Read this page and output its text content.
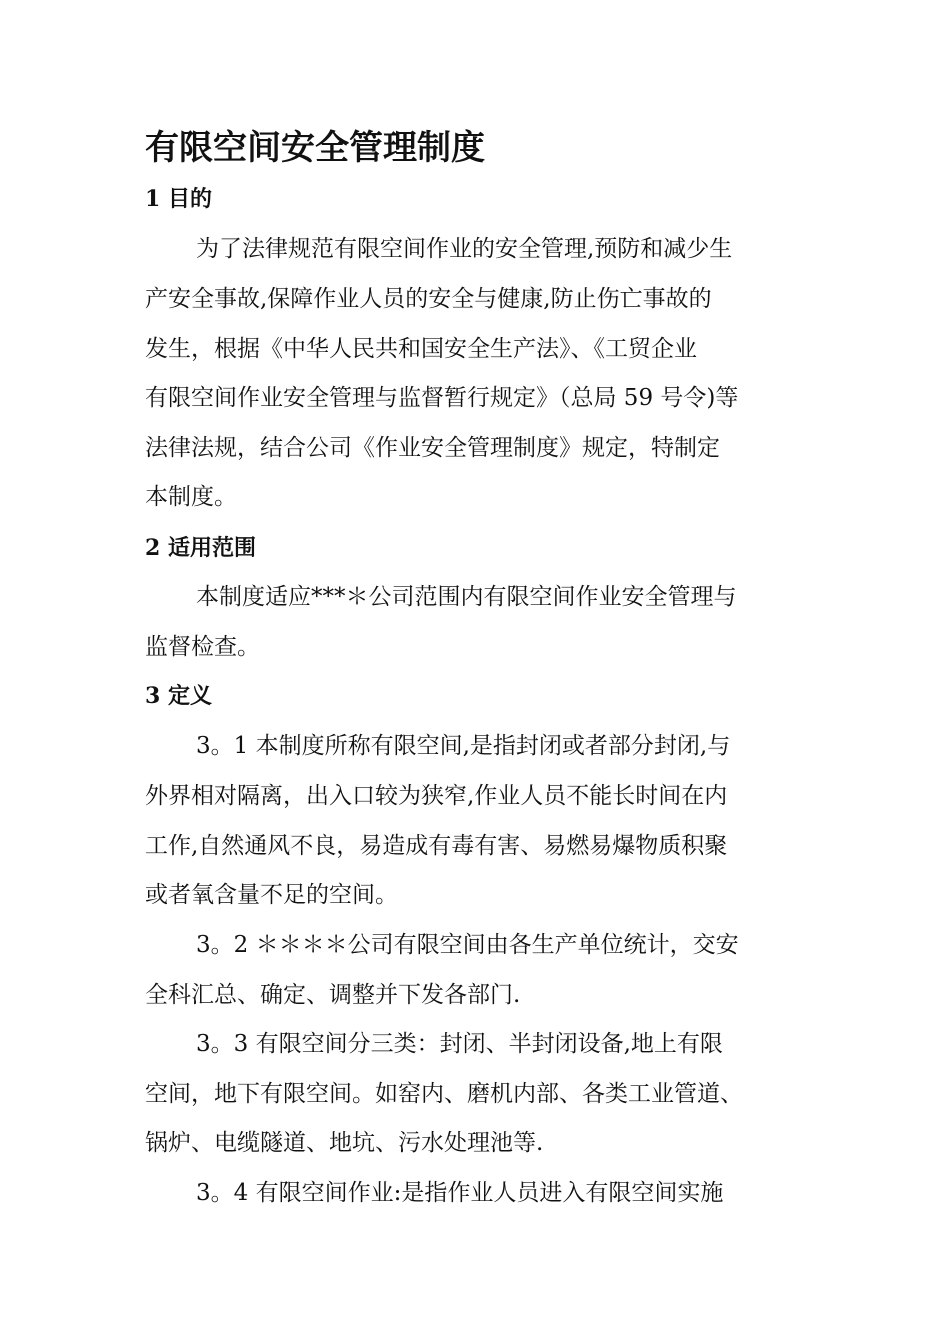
有限空间安全管理制度
1 目的
为了法律规范有限空间作业的安全管理,预防和减少生
产安全事故,保障作业人员的安全与健康,防止伤亡事故的
发生，根据《中华人民共和国安全生产法》、《工贸企业
有限空间作业安全管理与监督暂行规定》（总局 59 号令)等
法律法规，结合公司《作业安全管理制度》规定，特制定
本制度。
2 适用范围
本制度适应***＊公司范围内有限空间作业安全管理与
监督检查。
3 定义
3。1 本制度所称有限空间,是指封闭或者部分封闭,与
外界相对隔离，出入口较为狭窄,作业人员不能长时间在内
工作,自然通风不良，易造成有毒有害、易燃易爆物质积聚
或者氧含量不足的空间。
3。2 ＊＊＊＊公司有限空间由各生产单位统计，交安
全科汇总、确定、调整并下发各部门.
3。3 有限空间分三类：封闭、半封闭设备,地上有限
空间，地下有限空间。如窑内、磨机内部、各类工业管道、
锅炉、电缆隧道、地坑、污水处理池等.
3。4 有限空间作业:是指作业人员进入有限空间实施
